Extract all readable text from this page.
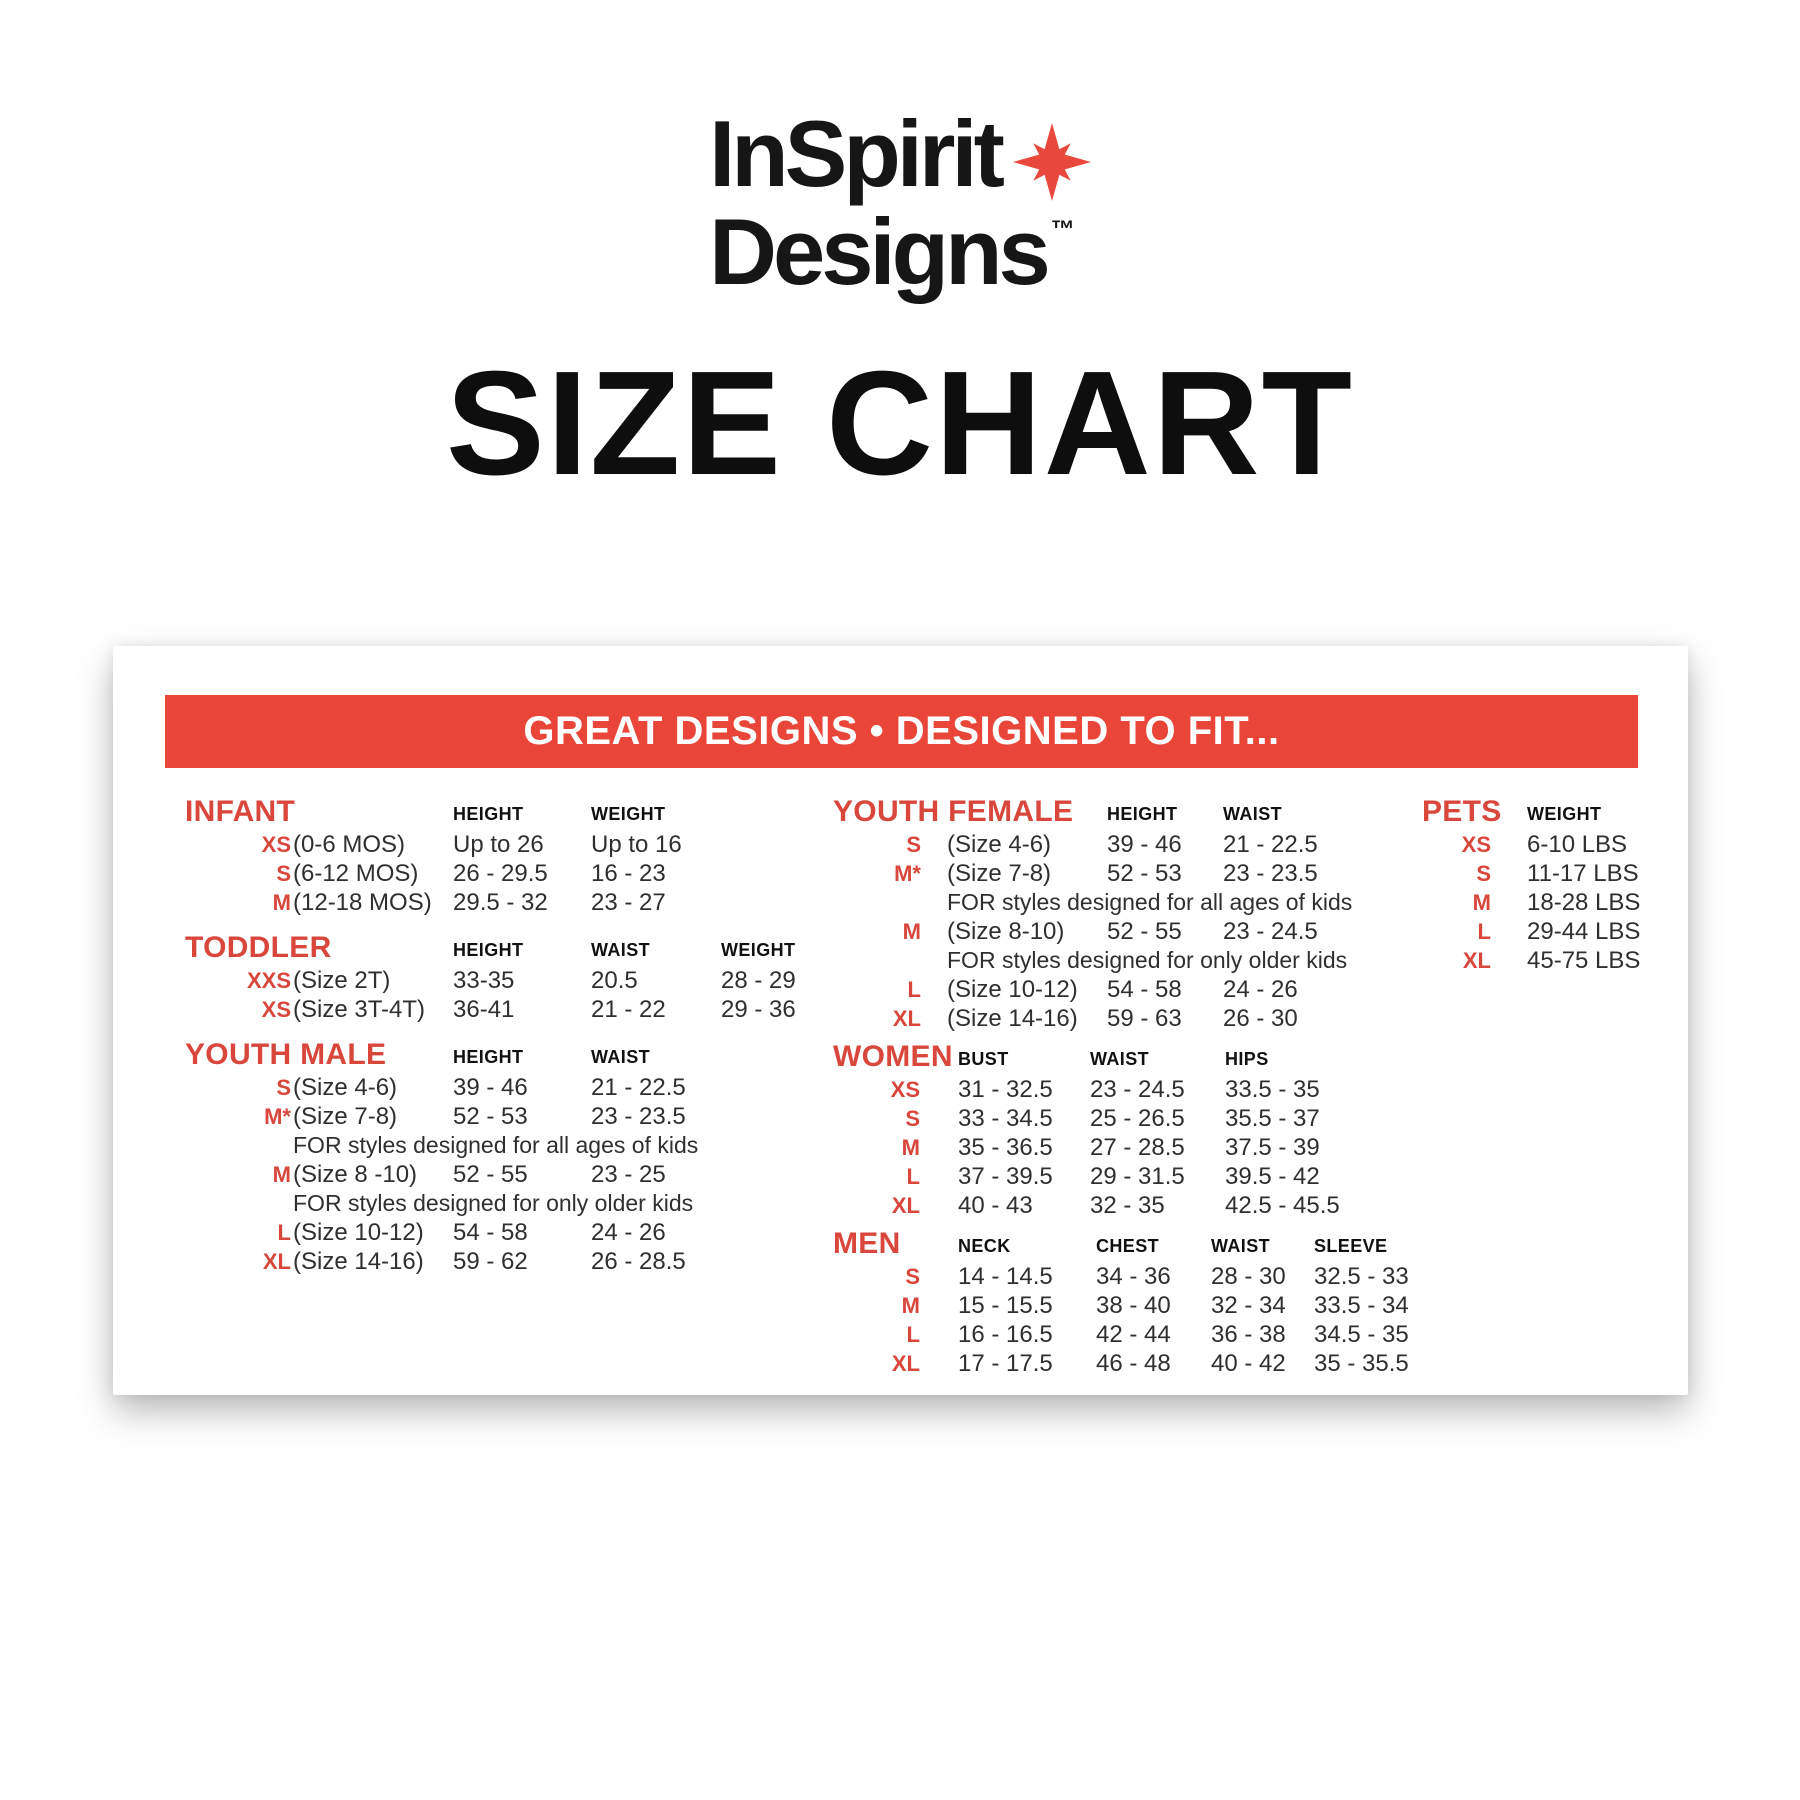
InSpirit
Designs ™
SIZE CHART
GREAT DESIGNS • DESIGNED TO FIT...
INFANT	HEIGHT	WEIGHT
XS (0-6 MOS)	Up to 26	Up to 16
S (6-12 MOS)	26 - 29.5	16 - 23
M (12-18 MOS) 29.5 - 32	23 - 27
TODDLER	HEIGHT	WAIST	WEIGHT
XXS (Size 2T)	33-35	20.5	28 - 29
XS (Size 3T-4T)	36-41	21 - 22	29 - 36
YOUTH MALE	HEIGHT	WAIST
S (Size 4-6)	39 - 46	21 - 22.5
M* (Size 7-8)	52 - 53	23 - 23.5
FOR styles designed for all ages of kids
M (Size 8 -10)	52 - 55	23 - 25
FOR styles designed for only older kids
L (Size 10-12)	54 - 58	24 - 26
XL (Size 14-16)	59 - 62	26 - 28.5
YOUTH FEMALE	HEIGHT	WAIST
S	(Size 4-6)	39 - 46	21 - 22.5
M*	(Size 7-8)	52 - 53	23 - 23.5
FOR styles designed for all ages of kids
M	(Size 8-10)	52 - 55	23 - 24.5
FOR styles designed for only older kids
L	(Size 10-12)	54 - 58	24 - 26
XL	(Size 14-16)	59 - 63	26 - 30
WOMEN BUST	WAIST	HIPS
XS	31 - 32.5	23 - 24.5	33.5 - 35
S	33 - 34.5	25 - 26.5	35.5 - 37
M	35 - 36.5	27 - 28.5	37.5 - 39
L	37 - 39.5	29 - 31.5	39.5 - 42
XL	40 - 43	32 - 35	42.5 - 45.5
MEN	NECK	CHEST	WAIST	SLEEVE
S	14 - 14.5	34 - 36	28 - 30	32.5 - 33
M	15 - 15.5	38 - 40	32 - 34	33.5 - 34
L	16 - 16.5	42 - 44	36 - 38	34.5 - 35
XL	17 - 17.5	46 - 48	40 - 42	35 - 35.5
PETS	WEIGHT
XS	6-10 LBS
S	11-17 LBS
M	18-28 LBS
L	29-44 LBS
XL	45-75 LBS
